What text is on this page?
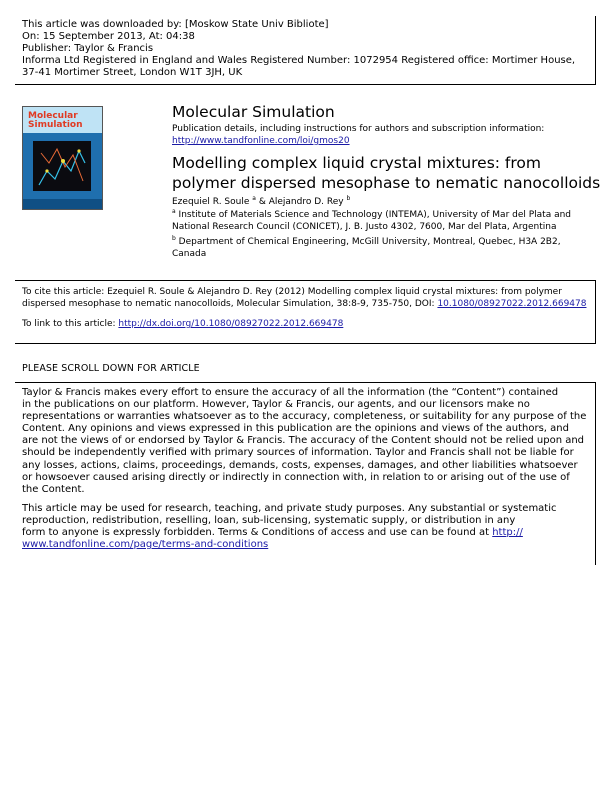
This article was downloaded by: [Moskow State Univ Bibliote]
On: 15 September 2013, At: 04:38
Publisher: Taylor & Francis
Informa Ltd Registered in England and Wales Registered Number: 1072954 Registered office: Mortimer House,
37-41 Mortimer Street, London W1T 3JH, UK
Molecular
Simulation
Molecular Simulation
Publication details, including instructions for authors and subscription information:
http://www.tandfonline.com/loi/gmos20
Modelling complex liquid crystal mixtures: from
polymer dispersed mesophase to nematic nanocolloids
Ezequiel R. Soule $^a$ & Alejandro D. Rey $^b$
$^a$ Institute of Materials Science and Technology (INTEMA), University of Mar del Plata and National Research Council (CONICET), J. B. Justo 4302, 7600, Mar del Plata, Argentina
$^b$ Department of Chemical Engineering, McGill University, Montreal, Quebec, H3A 2B2, Canada
To cite this article: Ezequiel R. Soule & Alejandro D. Rey (2012) Modelling complex liquid crystal mixtures: from polymer
dispersed mesophase to nematic nanocolloids, Molecular Simulation, 38:8-9, 735-750, DOI: 10.1080/08927022.2012.669478
To link to this article: http://dx.doi.org/10.1080/08927022.2012.669478
PLEASE SCROLL DOWN FOR ARTICLE
Taylor & Francis makes every effort to ensure the accuracy of all the information (the “Content”) contained
in the publications on our platform. However, Taylor & Francis, our agents, and our licensors make no
representations or warranties whatsoever as to the accuracy, completeness, or suitability for any purpose of the
Content. Any opinions and views expressed in this publication are the opinions and views of the authors, and
are not the views of or endorsed by Taylor & Francis. The accuracy of the Content should not be relied upon and
should be independently verified with primary sources of information. Taylor and Francis shall not be liable for
any losses, actions, claims, proceedings, demands, costs, expenses, damages, and other liabilities whatsoever
or howsoever caused arising directly or indirectly in connection with, in relation to or arising out of the use of
the Content.
This article may be used for research, teaching, and private study purposes. Any substantial or systematic
reproduction, redistribution, reselling, loan, sub-licensing, systematic supply, or distribution in any
form to anyone is expressly forbidden. Terms & Conditions of access and use can be found at http://
www.tandfonline.com/page/terms-and-conditions
